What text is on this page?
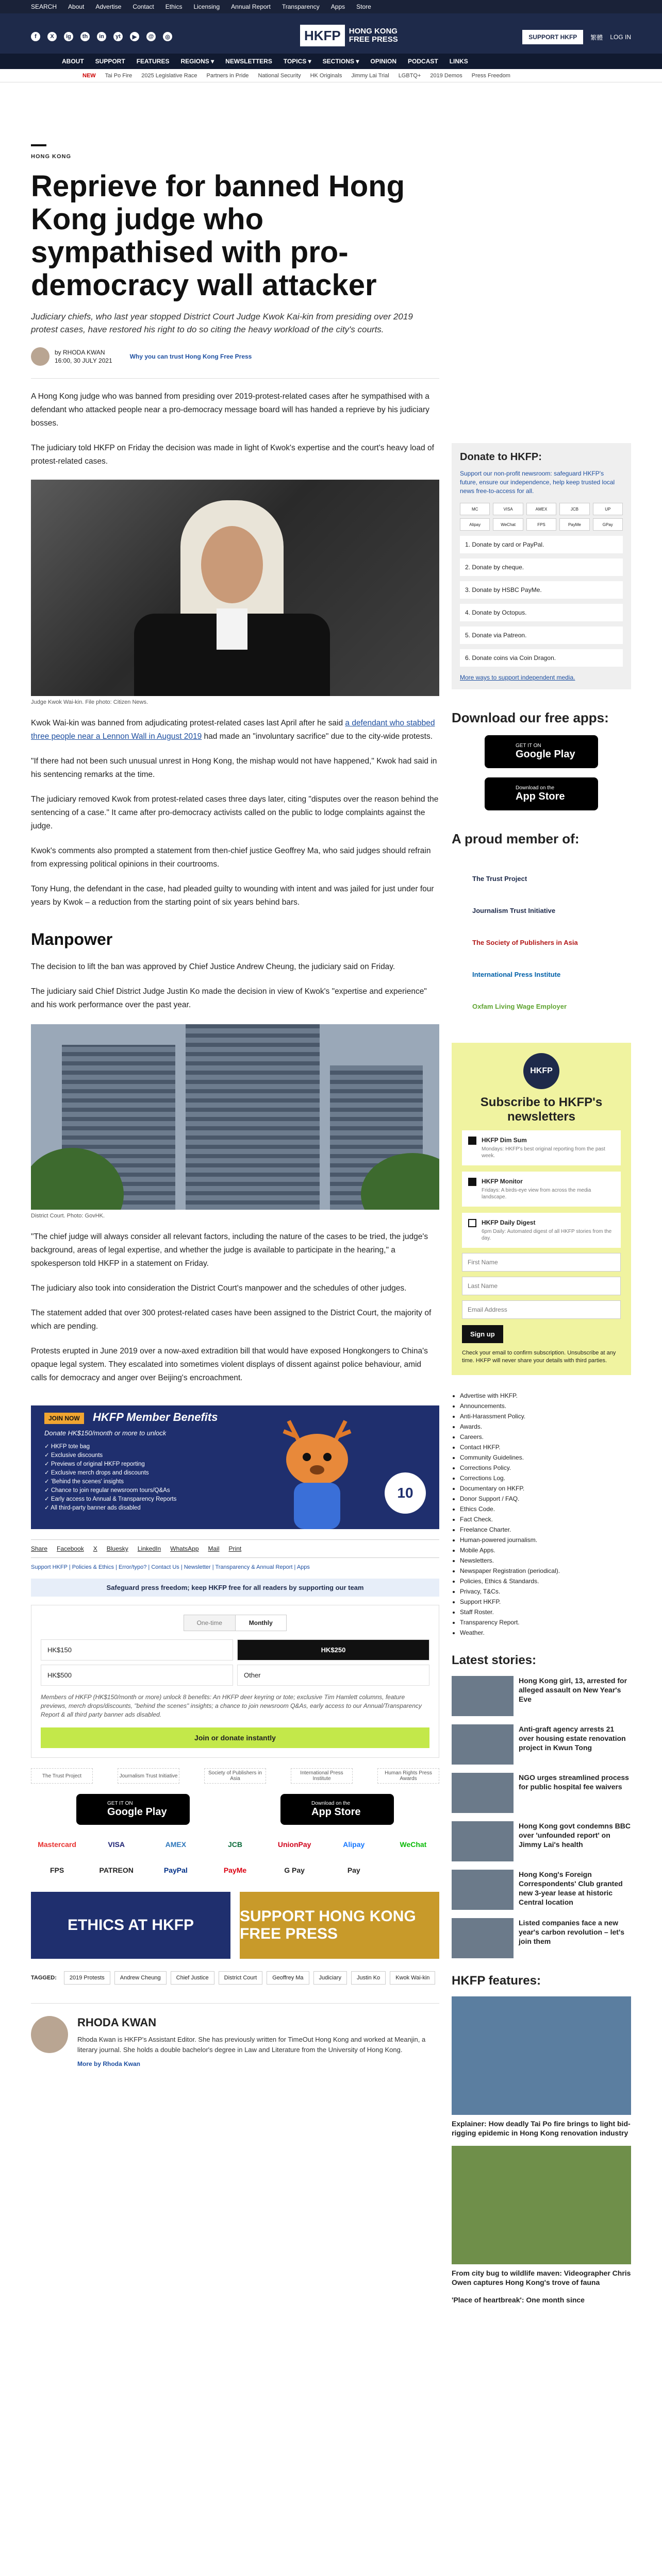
SEARCH About Advertise Contact Ethics Licensing Annual Report Transparency Apps Store
f	X	ig	th	in	yt	▶	@	◎	HKFP	HONG KONG
FREE PRESS	SUPPORT HKFP	繁體 LOG IN
ABOUT SUPPORT FEATURES REGIONS ▾ NEWSLETTERS TOPICS ▾ SECTIONS ▾ OPINION PODCAST LINKS
NEW Tai Po Fire 2025 Legislative Race Partners in Pride National Security HK Originals Jimmy Lai Trial LGBTQ+ 2019 Demos Press Freedom
HONG KONG
Reprieve for banned Hong Kong judge who sympathised with pro-democracy wall attacker
Judiciary chiefs, who last year stopped District Court Judge Kwok Kai-kin from presiding over 2019 protest cases, have restored his right to do so citing the heavy workload of the city's courts.
by RHODA KWAN
16:00, 30 JULY 2021
Why you can trust Hong Kong Free Press

A Hong Kong judge who was banned from presiding over 2019-protest-related cases after he sympathised with a defendant who attacked people near a pro-democracy message board will has handed a reprieve by his judiciary bosses.

The judiciary told HKFP on Friday the decision was made in light of Kwok's expertise and the court's heavy load of protest-related cases.

Judge Kwok Wai-kin. File photo: Citizen News.

Kwok Wai-kin was banned from adjudicating protest-related cases last April after he said a defendant who stabbed three people near a Lennon Wall in August 2019 had made an "involuntary sacrifice" due to the city-wide protests.

"If there had not been such unusual unrest in Hong Kong, the mishap would not have happened," Kwok had said in his sentencing remarks at the time.

The judiciary removed Kwok from protest-related cases three days later, citing "disputes over the reason behind the sentencing of a case." It came after pro-democracy activists called on the public to lodge complaints against the judge.

Kwok's comments also prompted a statement from then-chief justice Geoffrey Ma, who said judges should refrain from expressing political opinions in their courtrooms.

Tony Hung, the defendant in the case, had pleaded guilty to wounding with intent and was jailed for just under four years by Kwok – a reduction from the starting point of six years behind bars.

Manpower

The decision to lift the ban was approved by Chief Justice Andrew Cheung, the judiciary said on Friday.

The judiciary said Chief District Judge Justin Ko made the decision in view of Kwok's "expertise and experience" and his work performance over the past year.

District Court. Photo: GovHK.

"The chief judge will always consider all relevant factors, including the nature of the cases to be tried, the judge's background, areas of legal expertise, and whether the judge is available to participate in the hearing," a spokesperson told HKFP in a statement on Friday.

The judiciary also took into consideration the District Court's manpower and the schedules of other judges.

The statement added that over 300 protest-related cases have been assigned to the District Court, the majority of which are pending.

Protests erupted in June 2019 over a now-axed extradition bill that would have exposed Hongkongers to China's opaque legal system. They escalated into sometimes violent displays of dissent against police behaviour, amid calls for democracy and anger over Beijing's encroachment.

JOIN NOW	HKFP Member Benefits
Donate HK$150/month or more to unlock
✓ HKFP tote bag
✓ Exclusive discounts
✓ Previews of original HKFP reporting
✓ Exclusive merch drops and discounts
✓ 'Behind the scenes' insights
✓ Chance to join regular newsroom tours/Q&As
✓ Early access to Annual & Transparency Reports
✓ All third-party banner ads disabled
10
Share Facebook X Bluesky LinkedIn WhatsApp Mail Print
Support HKFP | Policies & Ethics | Error/typo? | Contact Us | Newsletter | Transparency & Annual Report | Apps
Safeguard press freedom; keep HKFP free for all readers by supporting our team
One-time	Monthly
HK$150	HK$250
HK$500	Other
Members of HKFP (HK$150/month or more) unlock 8 benefits: An HKFP deer keyring or tote; exclusive Tim Hamlett columns, feature previews, merch drops/discounts, "behind the scenes" insights; a chance to join newsroom Q&As, early access to our Annual/Transparency Report & all third party banner ads disabled.
Join or donate instantly
The Trust Project	Journalism Trust Initiative	Society of Publishers in Asia
International Press Institute
Human Rights Press Awards
GET IT ON
Google Play
Download on the
App Store
Mastercard	VISA	AMEX	JCB	UnionPay	Alipay	WeChat
FPS	PATREON	PayPal	PayMe	G Pay	Pay
ETHICS AT HKFP
SUPPORT HONG KONG FREE PRESS
TAGGED:	2019 Protests	Andrew Cheung	Chief Justice	District Court	Geoffrey Ma	Judiciary	Justin Ko	Kwok Wai-kin
RHODA KWAN

Rhoda Kwan is HKFP's Assistant Editor. She has previously written for TimeOut Hong Kong and worked at Meanjin, a literary journal. She holds a double bachelor's degree in Law and Literature from the University of Hong Kong.

More by Rhoda Kwan
Donate to HKFP:
Support our non-profit newsroom: safeguard HKFP's future, ensure our independence, help keep trusted local news free-to-access for all.
MC	VISA	AMEX	JCB	UP
Alipay	WeChat	FPS	PayMe	GPay
1. Donate by card or PayPal.
2. Donate by cheque.
3. Donate by HSBC PayMe.
4. Donate by Octopus.
5. Donate via Patreon.
6. Donate coins via Coin Dragon.
More ways to support independent media.
Download our free apps:
GET IT ON
Google Play
Download on the
App Store
A proud member of:
The Trust Project
Journalism Trust Initiative
The Society of Publishers in Asia
International Press Institute
Oxfam Living Wage Employer
HKFP
Subscribe to HKFP's newsletters
HKFP Dim Sum
Mondays: HKFP's best original reporting from the past week.
HKFP Monitor
Fridays: A birds-eye view from across the media landscape.
HKFP Daily Digest
6pm Daily: Automated digest of all HKFP stories from the day.
First Name
Last Name
Email Address
Sign up
Check your email to confirm subscription. Unsubscribe at any time. HKFP will never share your details with third parties.
• Advertise with HKFP.
• Announcements.
• Anti-Harassment Policy.
• Awards.
• Careers.
• Contact HKFP.
• Community Guidelines.
• Corrections Policy.
• Corrections Log.
• Documentary on HKFP.
• Donor Support / FAQ.
• Ethics Code.
• Fact Check.
• Freelance Charter.
• Human-powered journalism.
• Mobile Apps.
• Newsletters.
• Newspaper Registration (periodical).
• Policies, Ethics & Standards.
• Privacy, T&Cs.
• Support HKFP.
• Staff Roster.
• Transparency Report.
• Weather.
Latest stories:
Hong Kong girl, 13, arrested for alleged assault on New Year's Eve
Anti-graft agency arrests 21 over housing estate renovation project in Kwun Tong
NGO urges streamlined process for public hospital fee waivers
Hong Kong govt condemns BBC over 'unfounded report' on Jimmy Lai's health
Hong Kong's Foreign Correspondents' Club granted new 3-year lease at historic Central location
Listed companies face a new year's carbon revolution – let's join them
HKFP features:
Explainer: How deadly Tai Po fire brings to light bid-rigging epidemic in Hong Kong renovation industry
From city bug to wildlife maven: Videographer Chris Owen captures Hong Kong's trove of fauna
'Place of heartbreak': One month since
